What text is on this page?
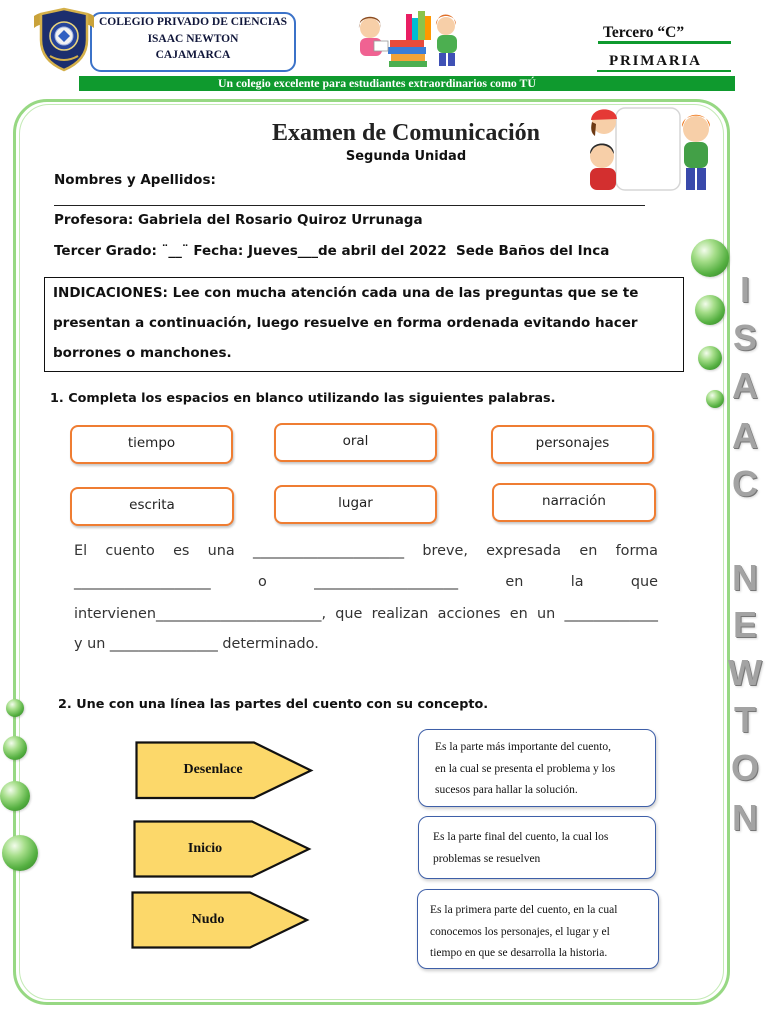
COLEGIO PRIVADO DE CIENCIAS
ISAAC NEWTON
CAJAMARCA
Tercero “C”
PRIMARIA
Un colegio excelente para estudiantes extraordinarios como TÚ
Examen de Comunicación
Segunda Unidad
Nombres y Apellidos:
Profesora: Gabriela del Rosario Quiroz Urrunaga
Tercer Grado: ¨__¨ Fecha: Jueves___de abril del 2022  Sede Baños del Inca
INDICACIONES: Lee con mucha atención cada una de las preguntas que se te
presentan a continuación, luego resuelve en forma ordenada evitando hacer
borrones o manchones.
1. Completa los espacios en blanco utilizando las siguientes palabras.
tiempo	oral	personajes
escrita	lugar	narración
El cuento es una _____________________ breve, expresada en forma
___________________ o ____________________ en la que
intervienen_______________________, que realizan acciones en un _____________
y un _______________ determinado.
2. Une con una línea las partes del cuento con su concepto.
Desenlace
Inicio
Nudo
Es la parte más importante del cuento,
en la cual se presenta el problema y los
sucesos para hallar la solución.
Es la parte final del cuento, la cual los
problemas se resuelven
Es la primera parte del cuento, en la cual
conocemos los personajes, el lugar y el
tiempo en que se desarrolla la historia.
I
S
A
A
C
N
E
W
T
O
N
